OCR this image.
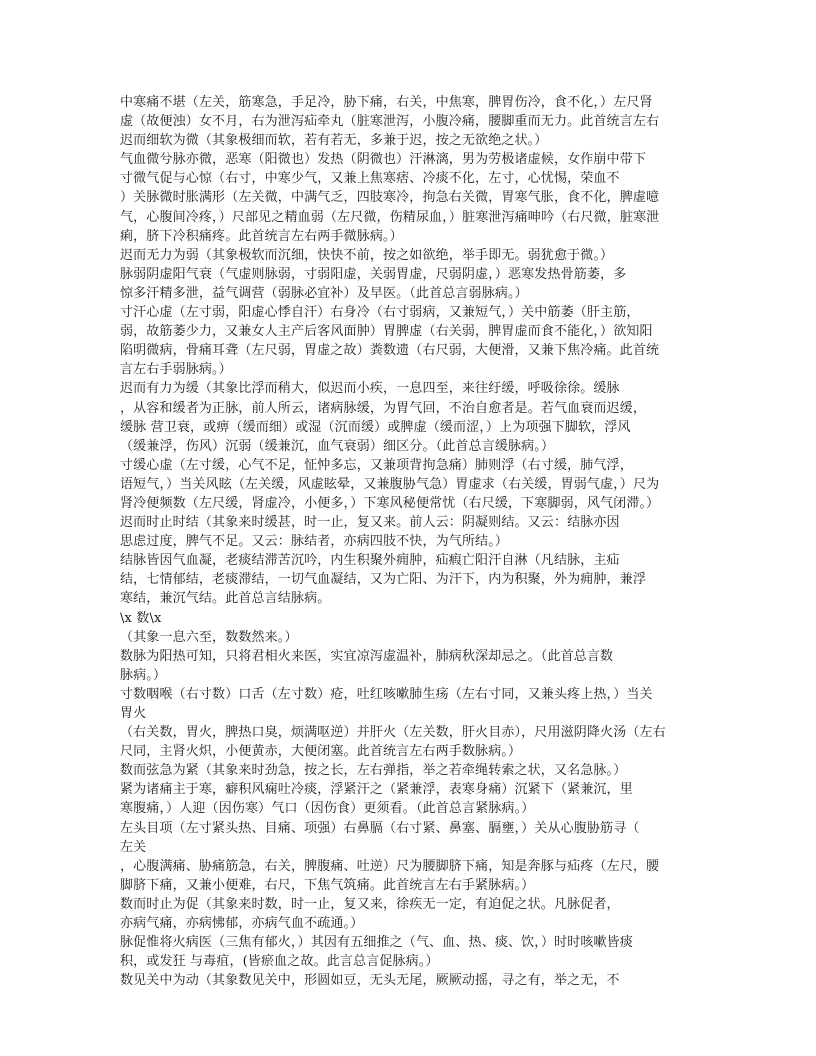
中寒痛不堪（左关，筋寒急，手足冷，胁下痛，右关，中焦寒，脾胃伤冷，食不化，）左尺肾
虚（故便浊）女不月，右为泄泻疝牵丸（脏寒泄泻，小腹冷痛，腰脚重而无力。此首统言左右
迟而细软为微（其象极细而软，若有若无，多兼于迟，按之无欲绝之状。）
气血微兮脉亦微，恶寒（阳微也）发热（阴微也）汗淋漓，男为劳极诸虚候，女作崩中带下
寸微气促与心惊（右寸，中寒少气，又兼上焦寒痞、冷痰不化，左寸，心忧惕，荣血不
）关脉微时胀满形（左关微，中满气乏，四肢寒冷，拘急右关微，胃寒气胀，食不化，脾虚噫
气，心腹间冷疼，）尺部见之精血弱（左尺微，伤精尿血，）脏寒泄泻痛呻吟（右尺微，脏寒泄
痢，脐下冷积痛疼。此首统言左右两手微脉病。）
迟而无力为弱（其象极软而沉细，快快不前，按之如欲绝，举手即无。弱犹愈于微。）
脉弱阴虚阳气衰（气虚则脉弱，寸弱阳虚，关弱胃虚，尺弱阴虚，）恶寒发热骨筋萎，多
惊多汗精多泄，益气调营（弱脉必宜补）及早医。（此首总言弱脉病。）
寸汗心虚（左寸弱，阳虚心悸自汗）右身冷（右寸弱病，又兼短气，）关中筋萎（肝主筋，
弱，故筋萎少力，又兼女人主产后客风面肿）胃脾虚（右关弱，脾胃虚而食不能化，）欲知阳
陷明微病，骨痛耳聋（左尺弱，胃虚之故）粪数遗（右尺弱，大便滑，又兼下焦冷痛。此首统
言左右手弱脉病。）
迟而有力为缓（其象比浮而稍大，似迟而小疾，一息四至，来往纡缓，呼吸徐徐。缓脉
，从容和缓者为正脉，前人所云，诸病脉缓，为胃气回，不治自愈者是。若气血衰而迟缓，
缓脉 营卫衰，或痹（缓而细）或湿（沉而缓）或脾虚（缓而涩，）上为项强下脚软，浮风
（缓兼浮，伤风）沉弱（缓兼沉，血气衰弱）细区分。（此首总言缓脉病。）
寸缓心虚（左寸缓，心气不足，怔忡多忘，又兼项背拘急痛）肺则浮（右寸缓，肺气浮，
语短气，）当关风眩（左关缓，风虚眩晕，又兼腹胁气急）胃虚求（右关缓，胃弱气虚，）尺为
肾冷便频数（左尺缓，肾虚冷，小便多，）下寒风秘便常忧（右尺缓，下寒脚弱，风气闭滞。）
迟而时止时结（其象来时缓甚，时一止，复又来。前人云：阴凝则结。又云：结脉亦因
思虑过度，脾气不足。又云：脉结者，亦病四肢不快，为气所结。）
结脉皆因气血凝，老痰结滞苦沉吟，内生积聚外痈肿，疝瘕亡阳汗自淋（凡结脉，主疝
结，七情郁结，老痰滞结，一切气血凝结，又为亡阳、为汗下，内为积聚，外为痈肿，兼浮
寒结，兼沉气结。此首总言结脉病。
\x 数\x
（其象一息六至，数数然来。）
数脉为阳热可知，只将君相火来医，实宜凉泻虚温补，肺病秋深却忌之。（此首总言数
脉病。）
寸数咽喉（右寸数）口舌（左寸数）疮，吐红咳嗽肺生疡（左右寸同，又兼头疼上热，）当关
胃火
（右关数，胃火，脾热口臭，烦满呕逆）并肝火（左关数，肝火目赤），尺用滋阴降火汤（左右
尺同，主肾火炽，小便黄赤，大便闭塞。此首统言左右两手数脉病。）
数而弦急为紧（其象来时劲急，按之长，左右弹指，举之若牵绳转索之状，又名急脉。）
紧为诸痛主于寒，癖积风痫吐冷痰，浮紧汗之（紧兼浮，表寒身痛）沉紧下（紧兼沉，里
寒腹痛，）人迎（因伤寒）气口（因伤食）更须看。（此首总言紧脉病。）
左头目项（左寸紧头热、目痛、项强）右鼻膈（右寸紧、鼻塞、膈壅，）关从心腹胁筋寻（
左关
，心腹满痛、胁痛筋急，右关，脾腹痛、吐逆）尺为腰脚脐下痛，知是奔豚与疝疼（左尺，腰
脚脐下痛，又兼小便难，右尺，下焦气筑痛。此首统言左右手紧脉病。）
数而时止为促（其象来时数，时一止，复又来，徐疾无一定，有迫促之状。凡脉促者，
亦病气痛，亦病怫郁，亦病气血不疏通。）
脉促惟将火病医（三焦有郁火，）其因有五细推之（气、血、热、痰、饮，）时时咳嗽皆痰
积，或发狂 与毒疽，(皆瘀血之故。此言总言促脉病。）
数见关中为动（其象数见关中，形圆如豆，无头无尾，厥厥动摇，寻之有，举之无，不
